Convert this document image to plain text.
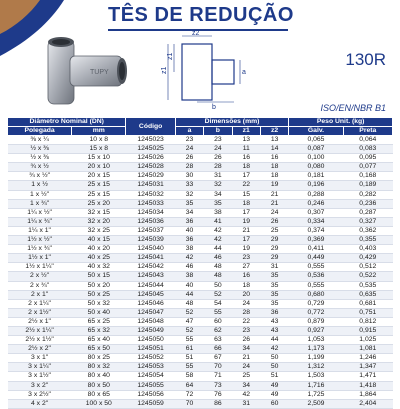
TÊS DE REDUÇÃO
TUPY
z2
b
a
z1
z1
130R
ISO/EN/NBR B1
Diâmetro Nominal (DN)		Código	Dimensões (mm)				Peso Unit. (kg)	
Polegada	mm		a	b	z1	z2	Galv.	Preta
⅜ x ¼	10 x 8	1245023	23	23	13	13	0,065	0,064
½ x ⅜	15 x 8	1245025	24	24	11	14	0,087	0,083
½ x ⅜	15 x 10	1245026	26	26	16	16	0,100	0,095
¾ x ½	20 x 10	1245028	28	28	18	18	0,080	0,077
¾ x ½"	20 x 15	1245029	30	31	17	18	0,181	0,168
1 x ½	25 x 15	1245031	33	32	22	19	0,196	0,189
1 x ½"	25 x 15	1245032	32	34	15	21	0,288	0,282
1 x ¾"	25 x 20	1245033	35	35	18	21	0,246	0,236
1¼ x ½"	32 x 15	1245034	34	38	17	24	0,307	0,287
1¼ x ¾"	32 x 20	1245036	36	41	19	26	0,334	0,327
1¼ x 1"	32 x 25	1245037	40	42	21	25	0,374	0,362
1½ x ½"	40 x 15	1245039	36	42	17	29	0,369	0,355
1½ x ¾"	40 x 20	1245040	38	44	19	29	0,411	0,403
1½ x 1"	40 x 25	1245041	42	46	23	29	0,449	0,429
1½ x 1¼"	40 x 32	1245042	46	48	27	31	0,555	0,512
2 x ½"	50 x 15	1245043	38	48	16	35	0,536	0,522
2 x ¾"	50 x 20	1245044	40	50	18	35	0,555	0,535
2 x 1"	50 x 25	1245045	44	52	20	35	0,680	0,635
2 x 1¼"	50 x 32	1245046	48	54	24	35	0,729	0,681
2 x 1½"	50 x 40	1245047	52	55	28	36	0,772	0,751
2½ x 1"	65 x 25	1245048	47	60	22	43	0,879	0,812
2½ x 1¼"	65 x 32	1245049	52	62	23	43	0,927	0,915
2½ x 1½"	65 x 40	1245050	55	63	26	44	1,053	1,025
2½ x 2"	65 x 50	1245051	61	66	34	42	1,173	1,081
3 x 1"	80 x 25	1245052	51	67	21	50	1,199	1,246
3 x 1¼"	80 x 32	1245053	55	70	24	50	1,312	1,347
3 x 1½"	80 x 40	1245054	58	71	25	51	1,503	1,471
3 x 2"	80 x 50	1245055	64	73	34	49	1,716	1,418
3 x 2½"	80 x 65	1245056	72	76	42	49	1,725	1,864
4 x 2"	100 x 50	1245059	70	86	31	60	2,509	2,404
